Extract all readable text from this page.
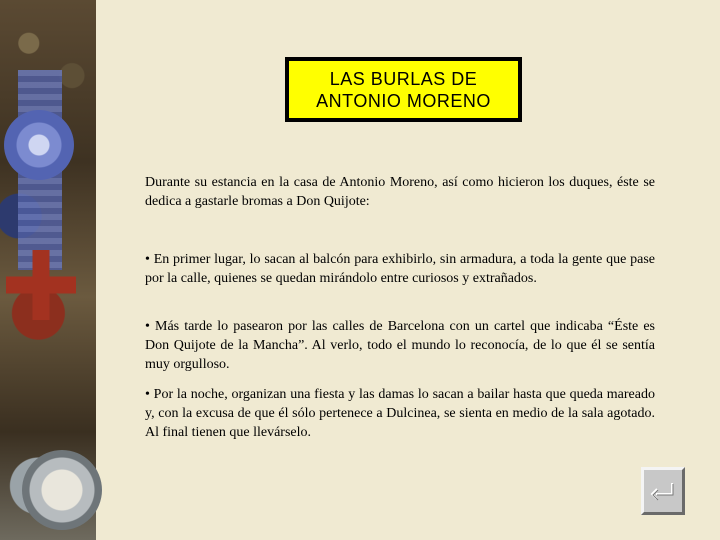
LAS BURLAS DE
ANTONIO MORENO
Durante su estancia en la casa de Antonio Moreno, así como hicieron los duques, éste se dedica a gastarle bromas a Don Quijote:
• En primer lugar, lo sacan al balcón para exhibirlo, sin armadura, a toda la gente que pase por la calle, quienes se quedan mirándolo entre curiosos y extrañados.
• Más tarde lo pasearon por las calles de Barcelona con un cartel que indicaba “Éste es Don Quijote de la Mancha”. Al verlo, todo el mundo lo reconocía, de lo que él se sentía muy orgulloso.
• Por la noche, organizan una fiesta y las damas lo sacan a bailar hasta que queda mareado y, con la excusa de que él sólo pertenece a Dulcinea, se sienta en medio de la sala agotado. Al final tienen que llevárselo.
